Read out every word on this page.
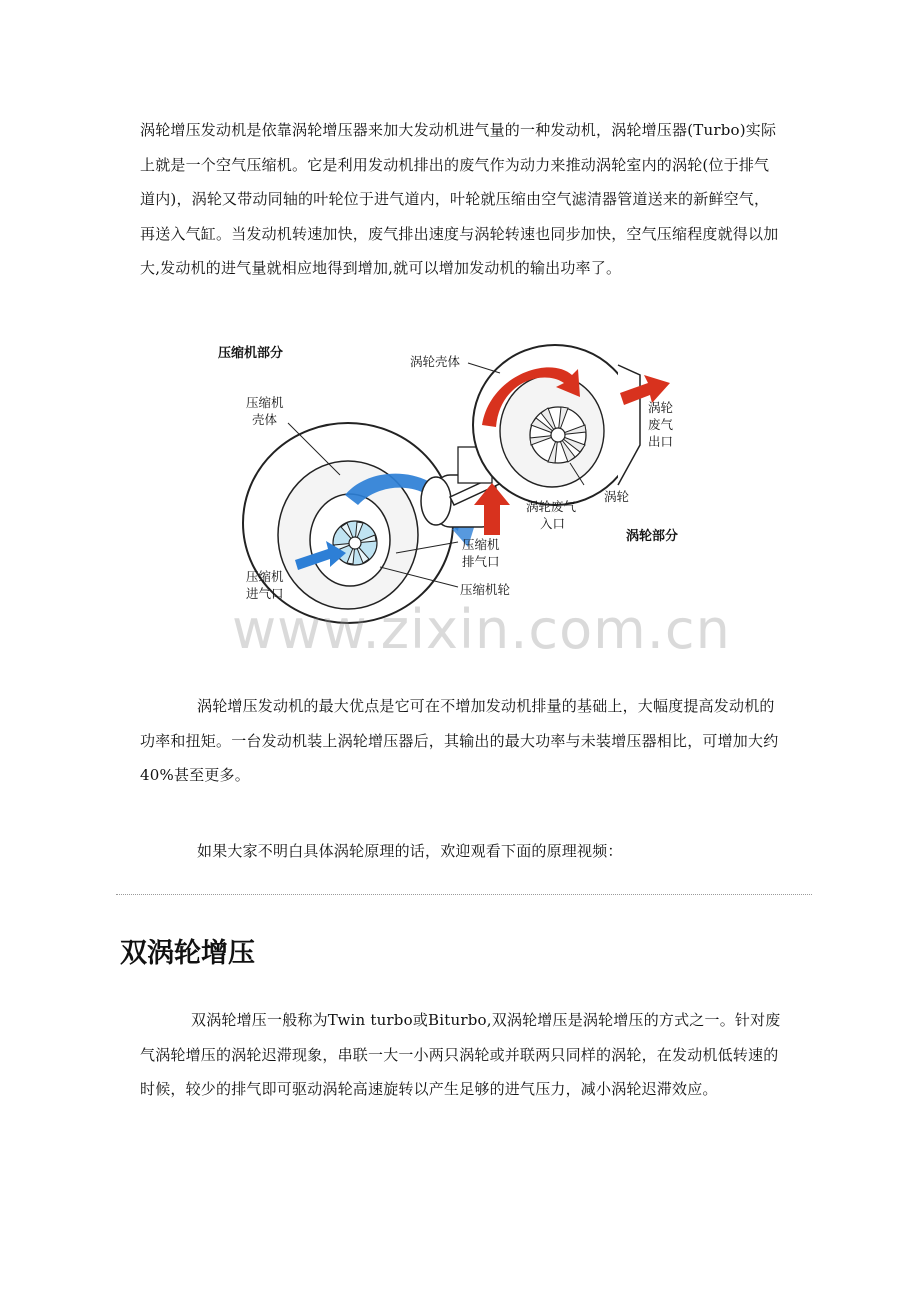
涡轮增压发动机是依靠涡轮增压器来加大发动机进气量的一种发动机，涡轮增压器(Turbo)实际上就是一个空气压缩机。它是利用发动机排出的废气作为动力来推动涡轮室内的涡轮(位于排气道内)，涡轮又带动同轴的叶轮位于进气道内，叶轮就压缩由空气滤清器管道送来的新鲜空气，再送入气缸。当发动机转速加快，废气排出速度与涡轮转速也同步加快，空气压缩程度就得以加大,发动机的进气量就相应地得到增加,就可以增加发动机的输出功率了。

压缩机部分
涡轮部分
涡轮壳体
压缩机
壳体
涡轮
废气
出口
涡轮
涡轮废气
入口
压缩机
排气口
压缩机轮
压缩机
进气口
www.zixin.com.cn

涡轮增压发动机的最大优点是它可在不增加发动机排量的基础上，大幅度提高发动机的功率和扭矩。一台发动机装上涡轮增压器后，其输出的最大功率与未装增压器相比，可增加大约40%甚至更多。

如果大家不明白具体涡轮原理的话，欢迎观看下面的原理视频：

双涡轮增压

双涡轮增压一般称为Twin turbo或Biturbo,双涡轮增压是涡轮增压的方式之一。针对废气涡轮增压的涡轮迟滞现象，串联一大一小两只涡轮或并联两只同样的涡轮，在发动机低转速的时候，较少的排气即可驱动涡轮高速旋转以产生足够的进气压力，减小涡轮迟滞效应。
